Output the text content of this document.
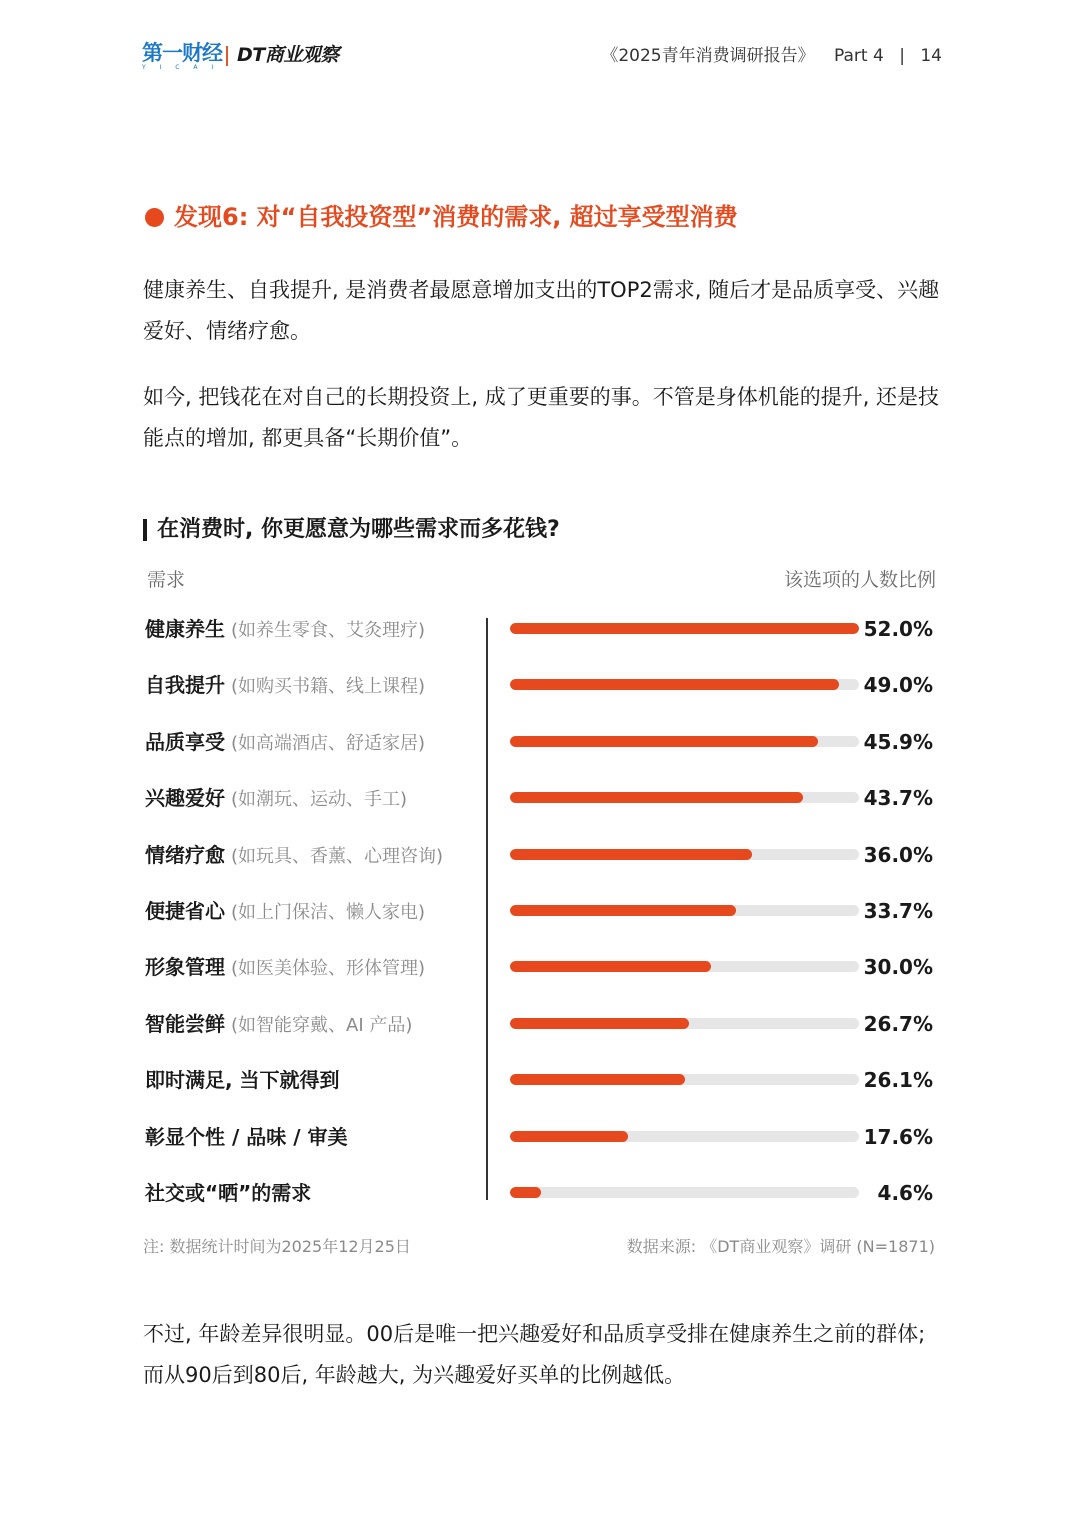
第一财经
Y I C A I
DT商业观察	《2025青年消费调研报告》 Part 4 | 14
发现6: 对“自我投资型”消费的需求, 超过享受型消费
健康养生、自我提升, 是消费者最愿意增加支出的TOP2需求, 随后才是品质享受、兴趣爱好、情绪疗愈。
如今, 把钱花在对自己的长期投资上, 成了更重要的事。不管是身体机能的提升, 还是技能点的增加, 都更具备“长期价值”。
在消费时, 你更愿意为哪些需求而多花钱?
需求	该选项的人数比例
健康养生 (如养生零食、艾灸理疗)	52.0%
自我提升 (如购买书籍、线上课程)	49.0%
品质享受 (如高端酒店、舒适家居)	45.9%
兴趣爱好 (如潮玩、运动、手工)	43.7%
情绪疗愈 (如玩具、香薰、心理咨询)	36.0%
便捷省心 (如上门保洁、懒人家电)	33.7%
形象管理 (如医美体验、形体管理)	30.0%
智能尝鲜 (如智能穿戴、AI 产品)	26.7%
即时满足, 当下就得到	26.1%
彰显个性 / 品味 / 审美	17.6%
社交或“晒”的需求	4.6%
注: 数据统计时间为2025年12月25日	数据来源: 《DT商业观察》调研 (N=1871)
不过, 年龄差异很明显。00后是唯一把兴趣爱好和品质享受排在健康养生之前的群体; 而从90后到80后, 年龄越大, 为兴趣爱好买单的比例越低。
